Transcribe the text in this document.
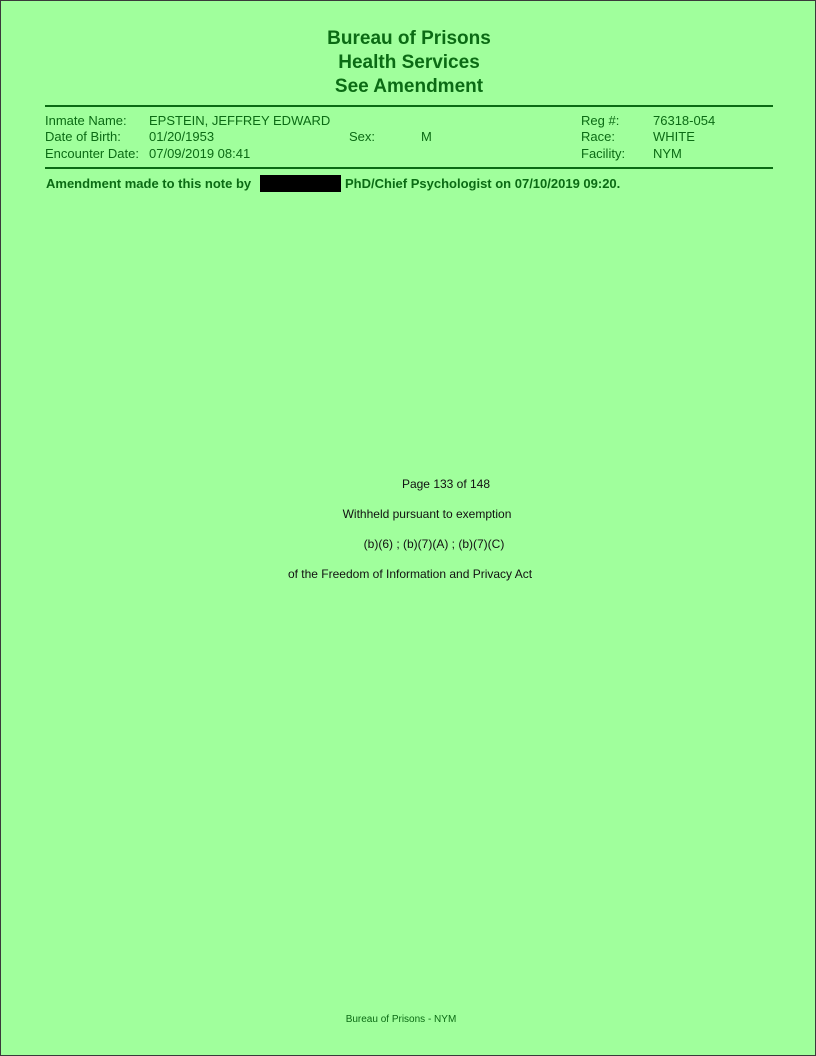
Bureau of Prisons
Health Services
See Amendment
Inmate Name:
Date of Birth:
Encounter Date:
EPSTEIN, JEFFREY EDWARD
01/20/1953
07/09/2019 08:41
Sex:	M
Reg #:
Race:
Facility:
76318-054
WHITE
NYM
Amendment made to this note by	PhD/Chief Psychologist on 07/10/2019 09:20.
Page 133 of 148
Withheld pursuant to exemption
(b)(6) ; (b)(7)(A) ; (b)(7)(C)
of the Freedom of Information and Privacy Act
Bureau of Prisons - NYM
